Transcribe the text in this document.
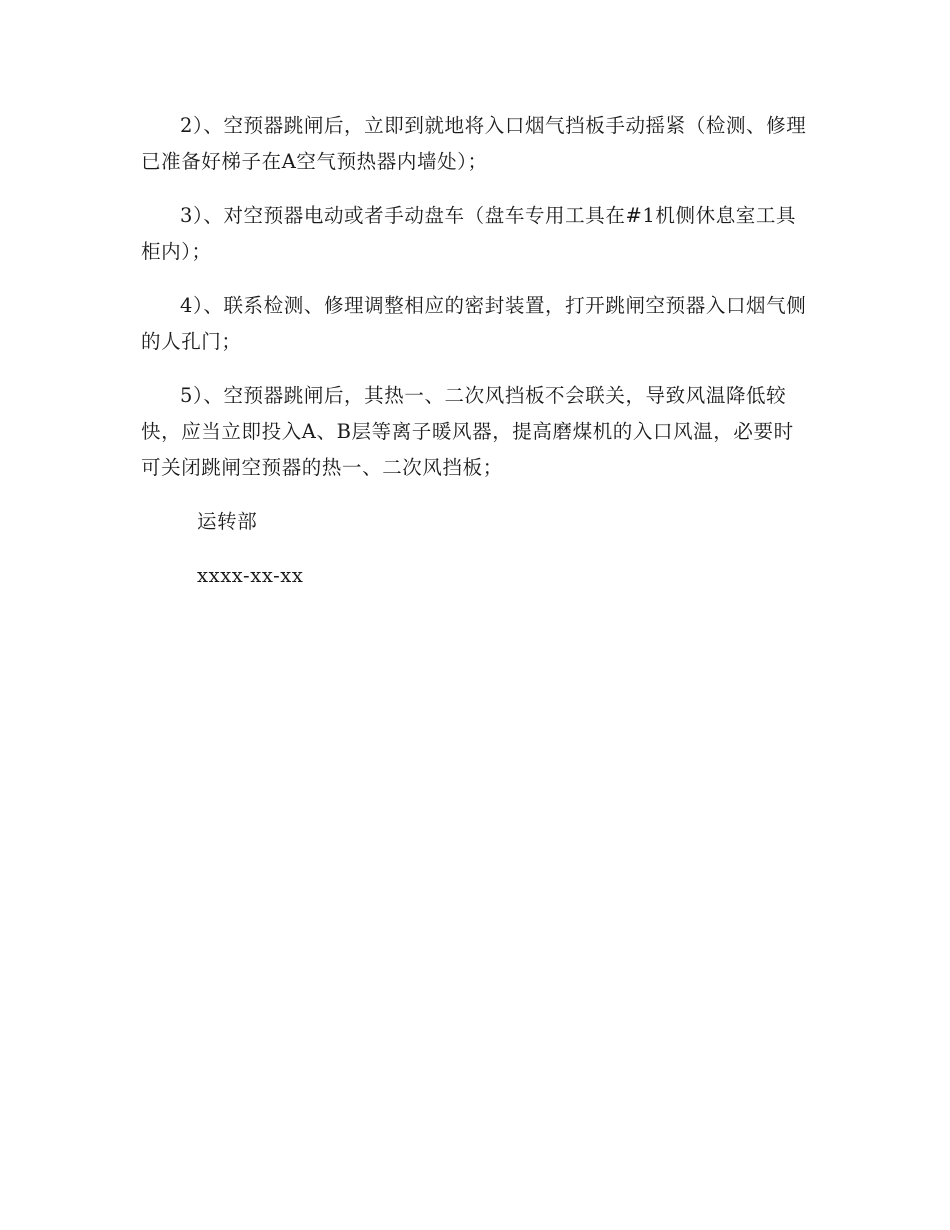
2）、空预器跳闸后，立即到就地将入口烟气挡板手动摇紧（检测、修理已准备好梯子在A空气预热器内墙处）；

3）、对空预器电动或者手动盘车（盘车专用工具在#1机侧休息室工具柜内）；

4）、联系检测、修理调整相应的密封装置，打开跳闸空预器入口烟气侧的人孔门；

5）、空预器跳闸后，其热一、二次风挡板不会联关，导致风温降低较快，应当立即投入A、B层等离子暖风器，提高磨煤机的入口风温，必要时可关闭跳闸空预器的热一、二次风挡板；

运转部

xxxx-xx-xx
